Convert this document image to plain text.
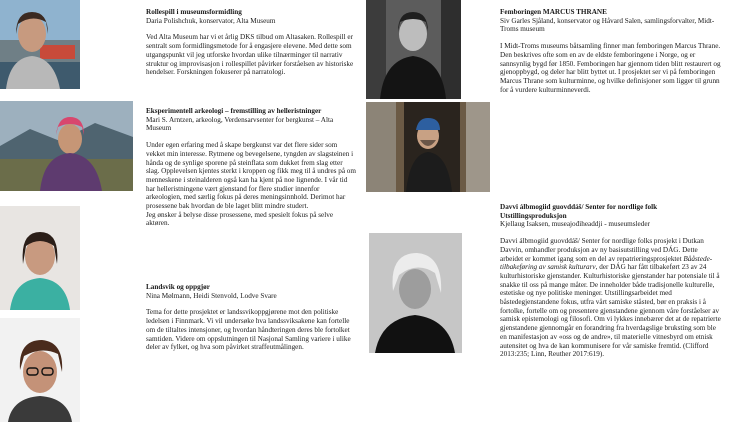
Rollespill i museumsformidling
Daria Polishchuk, konservator, Alta Museum
Ved Alta Museum har vi et årlig DKS tilbud om Altasaken. Rollespill er sentralt som formidlingsmetode for å engasjere elevene. Med dette som utgangspunkt vil jeg utforske hvordan ulike tilnærminger til narrativ struktur og improvisasjon i rollespillet påvirker forståelsen av historiske hendelser. Forskningen fokuserer på narratologi.
Eksperimentell arkeologi – fremstilling av helleristninger
Mari S. Arntzen, arkeolog, Verdensarvsenter for bergkunst – Alta Museum
Under egen erfaring med å skape bergkunst var det flere sider som vekket min interesse. Rytmene og bevegelsene, tyngden av slagsteinen i hånda og de synlige sporene på steinflata som dukket frem slag etter slag. Opplevelsen kjentes sterkt i kroppen og fikk meg til å undres på om menneskene i steinalderen også kan ha kjent på noe lignende. I vår tid har helleristningene vært gjenstand for flere studier innenfor arkeologien, med særlig fokus på deres meningsinnhold. Derimot har prosessene bak hvordan de ble laget blitt mindre studert.
Jeg ønsker å belyse disse prosessene, med spesielt fokus på selve aktøren.
Landsvik og oppgjør
Nina Mølmann, Heidi Stenvold, Lodve Svare
Tema for dette prosjektet er landssvikoppgjørene mot den politiske ledelsen i Finnmark. Vi vil undersøke hva landssviksakene kan fortelle om de tiltaltes intensjoner, og hvordan håndteringen deres ble fortolket samtiden. Videre om oppslutningen til Nasjonal Samling variere i ulike deler av fylket, og hva som påvirket straffeutmålingen.
Femboringen MARCUS THRANE
Siv Garles Sjåland, konservator og Håvard Salen, samlingsforvalter, Midt-Troms museum
I Midt-Troms museums båtsamling finner man femboringen Marcus Thrane. Den beskrives ofte som en av de eldste femboringene i Norge, og er sannsynlig bygd før 1850. Femboringen har gjennom tiden blitt restaurert og gjenoppbygd, og deler har blitt byttet ut. I prosjektet ser vi på femboringen Marcus Thrane som kulturminne, og hvilke definisjoner som ligger til grunn for å vurdere kulturminneverdi.
Davvi álbmogiid guovddáš/ Senter for nordlige folk Utstillingsproduksjon
Kjellaug Isaksen, museajođiheaddji - museumsleder
Davvi álbmogiid guovddáš/ Senter for nordlige folks prosjekt i Dutkan Davvin, omhandler produksjon av ny basisutstilling ved DÁG. Dette arbeidet er kommet igang som en del av repatrieringsprosjektet Bååstede-tilbakeføring av samisk kulturarv, der DÁG har fått tilbakeført 23 av 24 kulturhistoriske gjenstander. Kulturhistoriske gjenstander har potensiale til å snakke til oss på mange måter. De inneholder både tradisjonelle kulturelle, estetiske og nye politiske meninger. Utstillingsarbeidet med båstedegjenstandene fokus, utfra vårt samiske ståsted, bør en praksis i å fortolke, fortelle om og presentere gjenstandene gjennom våre forståelser av samisk epistemologi og filosofi. Om vi lykkes innebærer det at de repatrierte gjenstandene gjennomgår en forandring fra hverdagslige brukstíng som ble en manifestasjon av «oss og de andre», til materielle vitnesbyrd om etnisk autensitet og hva de kan kommunisere for vår samiske fremtid. (Clifford 2013:235; Linn, Reuther 2017:619).
